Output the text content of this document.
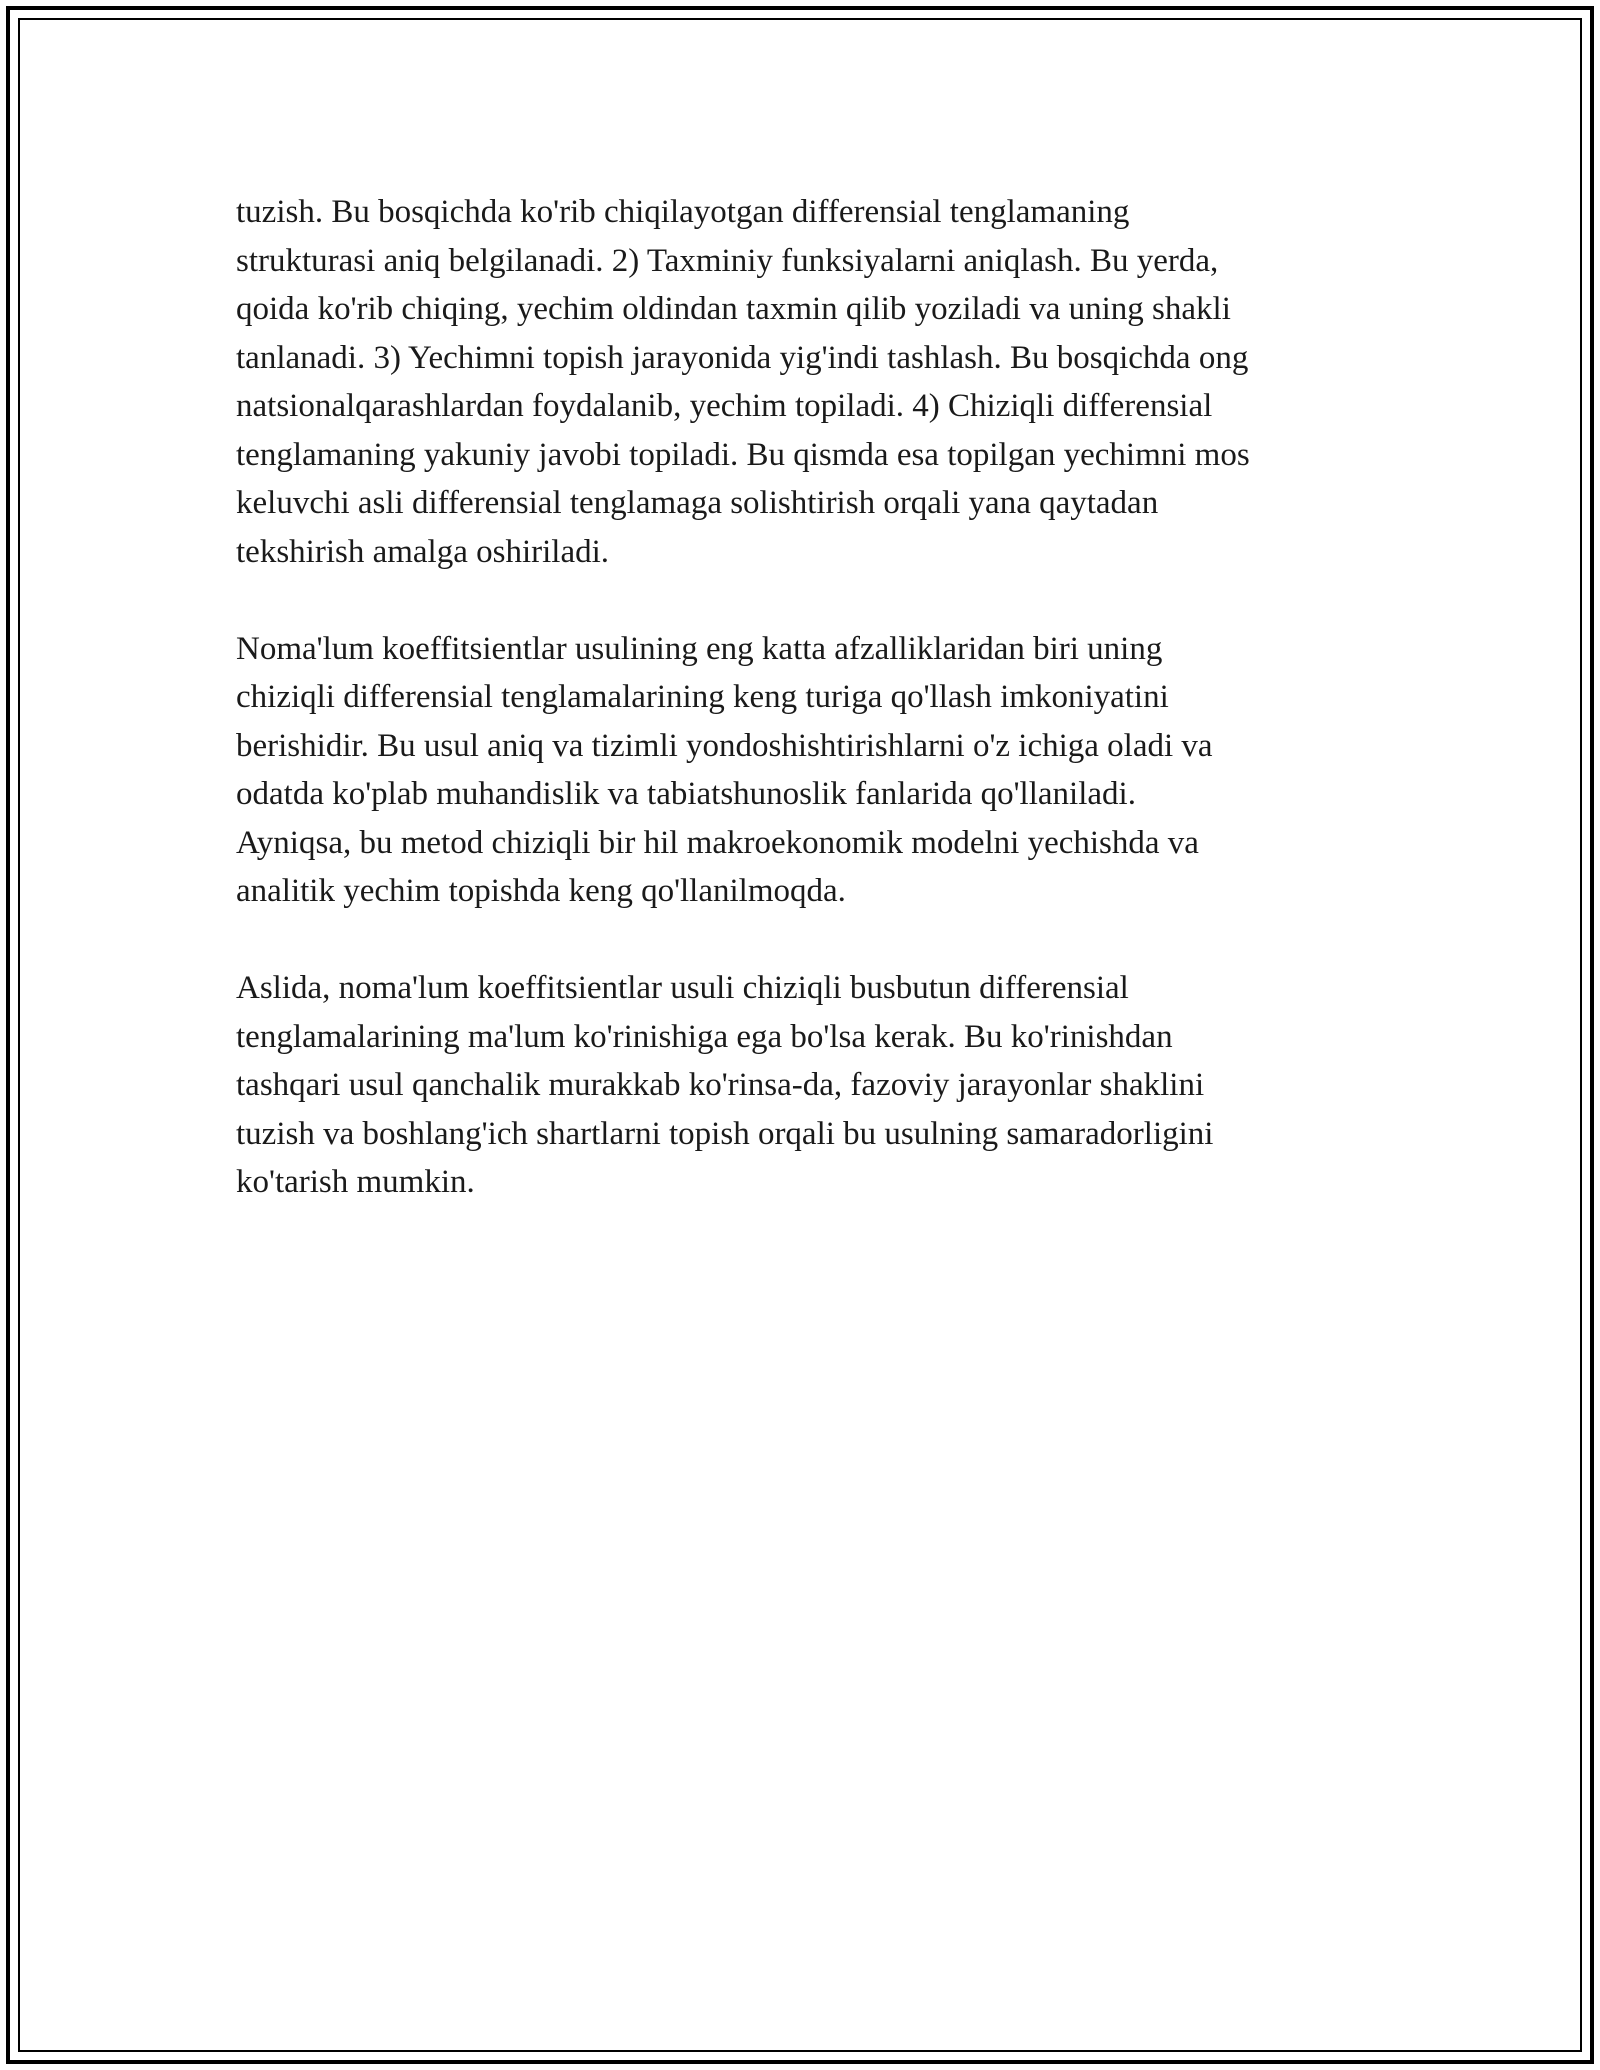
tuzish. Bu bosqichda ko'rib chiqilayotgan differensial tenglamaning
strukturasi aniq belgilanadi. 2) Taxminiy funksiyalarni aniqlash. Bu yerda,
qoida ko'rib chiqing, yechim oldindan taxmin qilib yoziladi va uning shakli
tanlanadi. 3) Yechimni topish jarayonida yig'indi tashlash. Bu bosqichda ong
natsionalqarashlardan foydalanib, yechim topiladi. 4) Chiziqli differensial
tenglamaning yakuniy javobi topiladi. Bu qismda esa topilgan yechimni mos
keluvchi asli differensial tenglamaga solishtirish orqali yana qaytadan
tekshirish amalga oshiriladi.

Noma'lum koeffitsientlar usulining eng katta afzalliklaridan biri uning
chiziqli differensial tenglamalarining keng turiga qo'llash imkoniyatini
berishidir. Bu usul aniq va tizimli yondoshishtirishlarni o'z ichiga oladi va
odatda ko'plab muhandislik va tabiatshunoslik fanlarida qo'llaniladi.
Ayniqsa, bu metod chiziqli bir hil makroekonomik modelni yechishda va
analitik yechim topishda keng qo'llanilmoqda.

Aslida, noma'lum koeffitsientlar usuli chiziqli busbutun differensial
tenglamalarining ma'lum ko'rinishiga ega bo'lsa kerak. Bu ko'rinishdan
tashqari usul qanchalik murakkab ko'rinsa-da, fazoviy jarayonlar shaklini
tuzish va boshlang'ich shartlarni topish orqali bu usulning samaradorligini
ko'tarish mumkin.
